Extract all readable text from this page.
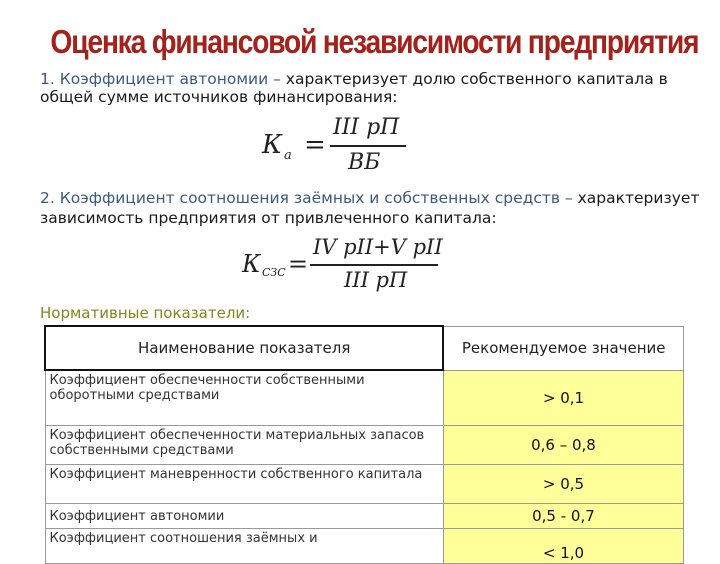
Оценка финансовой независимости предприятия
1. Коэффициент автономии – характеризует долю собственного капитала в общей сумме источников финансирования:
К а =
III рП
ВБ
2. Коэффициент соотношения заёмных и собственных средств – характеризует зависимость предприятия от привлеченного капитала:
К СЗС =
IV рII+V рII
III рП
Нормативные показатели:
Наименование показателя	Рекомендуемое значение
Коэффициент обеспеченности собственными оборотными средствами	> 0,1
Коэффициент обеспеченности материальных запасов собственными средствами	0,6 – 0,8
Коэффициент маневренности собственного капитала	> 0,5
Коэффициент автономии	0,5 - 0,7
Коэффициент соотношения заёмных и	< 1,0
